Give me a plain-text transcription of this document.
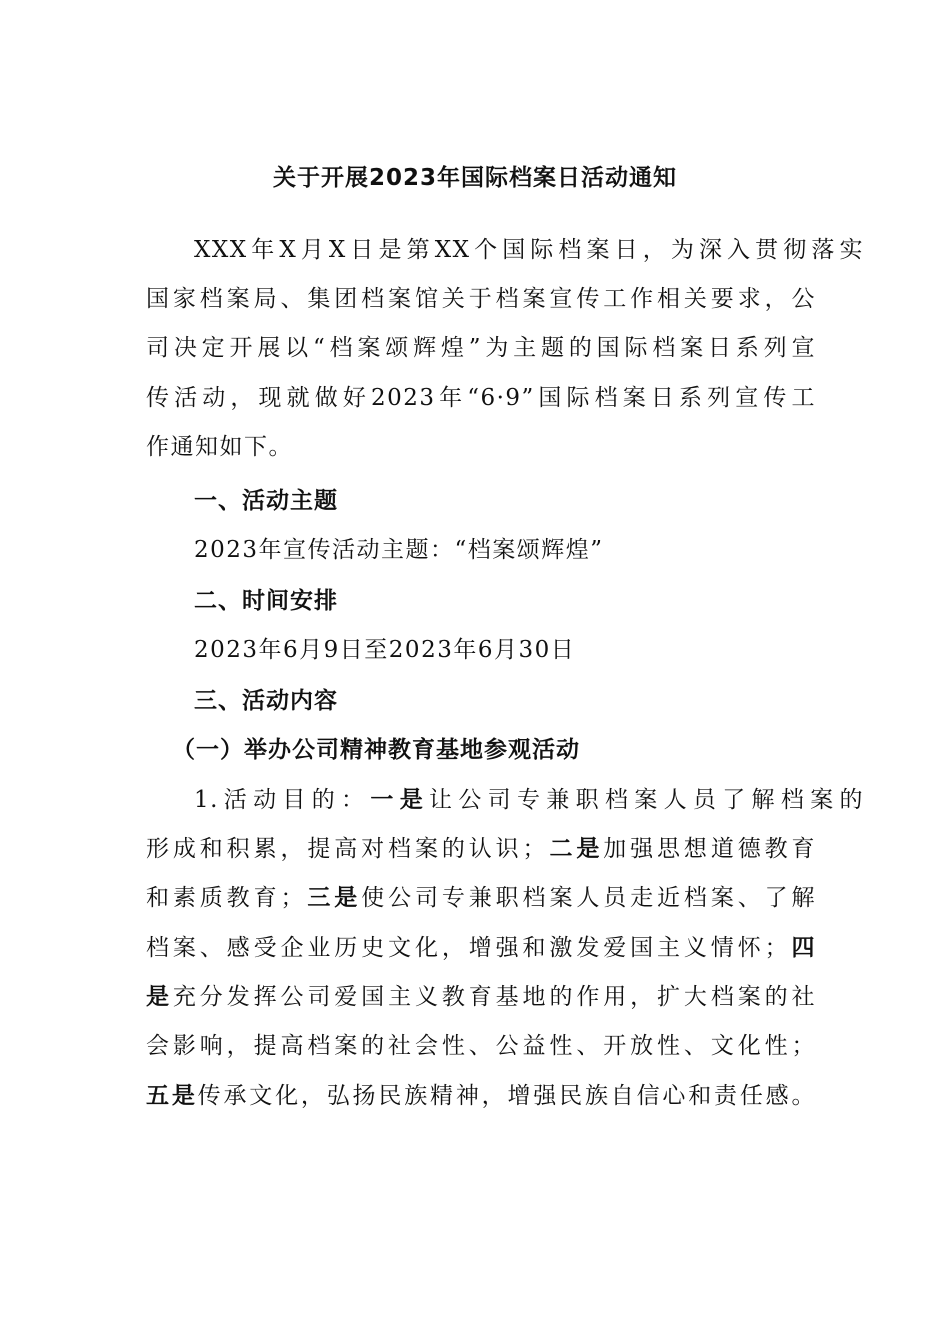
关于开展2023年国际档案日活动通知
XXX年X月X日是第XX个国际档案日，为深入贯彻落实
国家档案局、集团档案馆关于档案宣传工作相关要求，公
司决定开展以“档案颂辉煌”为主题的国际档案日系列宣
传活动，现就做好2023年“6·9”国际档案日系列宣传工
作通知如下。
一、活动主题
2023年宣传活动主题：“档案颂辉煌”
二、时间安排
2023年6月9日至2023年6月30日
三、活动内容
（一）举办公司精神教育基地参观活动
1.活动目的：一是让公司专兼职档案人员了解档案的
形成和积累，提高对档案的认识；二是加强思想道德教育
和素质教育；三是使公司专兼职档案人员走近档案、了解
档案、感受企业历史文化，增强和激发爱国主义情怀；四
是充分发挥公司爱国主义教育基地的作用，扩大档案的社
会影响，提高档案的社会性、公益性、开放性、文化性；
五是传承文化，弘扬民族精神，增强民族自信心和责任感。
